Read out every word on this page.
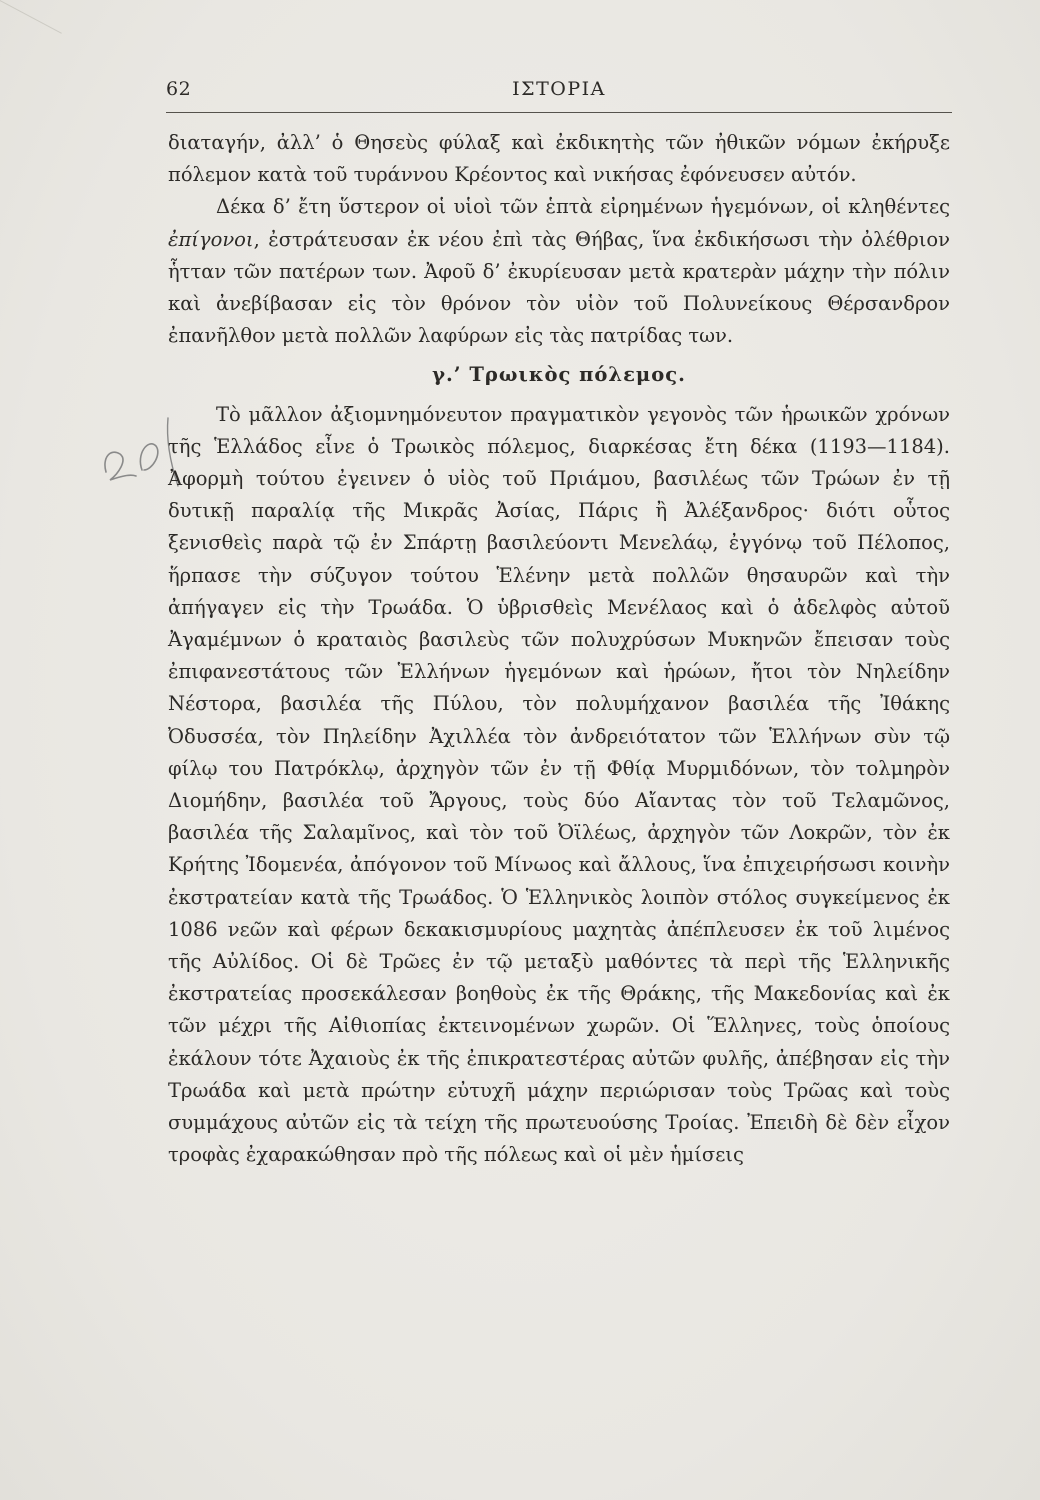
62	ΙΣΤΟΡΙΑ

διαταγήν, ἀλλ’ ὁ Θησεὺς φύλαξ καὶ ἐκδικητὴς τῶν ἠθικῶν νόμων ἐκήρυξε πόλεμον κατὰ τοῦ τυράννου Κρέοντος καὶ νικήσας ἐφόνευσεν αὐτόν.

Δέκα δ’ ἔτη ὕστερον οἱ υἱοὶ τῶν ἑπτὰ εἰρημένων ἡγεμόνων, οἱ κληθέντες ἐπίγονοι, ἐστράτευσαν ἐκ νέου ἐπὶ τὰς Θήβας, ἵνα ἐκδικήσωσι τὴν ὀλέθριον ἧτταν τῶν πατέρων των. Ἀφοῦ δ’ ἐκυρίευσαν μετὰ κρατερὰν μάχην τὴν πόλιν καὶ ἀνεβίβασαν εἰς τὸν θρόνον τὸν υἱὸν τοῦ Πολυνείκους Θέρσανδρον ἐπανῆλθον μετὰ πολλῶν λαφύρων εἰς τὰς πατρίδας των.

γ.’ Τρωικὸς πόλεμος.

Τὸ μᾶλλον ἀξιομνημόνευτον πραγματικὸν γεγονὸς τῶν ἡρωικῶν χρόνων τῆς Ἑλλάδος εἶνε ὁ Τρωικὸς πόλεμος, διαρκέσας ἔτη δέκα (1193—1184). Ἀφορμὴ τούτου ἐγεινεν ὁ υἱὸς τοῦ Πριάμου, βασιλέως τῶν Τρώων ἐν τῇ δυτικῇ παραλίᾳ τῆς Μικρᾶς Ἀσίας, Πάρις ἢ Ἀλέξανδρος· διότι οὗτος ξενισθεὶς παρὰ τῷ ἐν Σπάρτῃ βασιλεύοντι Μενελάῳ, ἐγγόνῳ τοῦ Πέλοπος, ἥρπασε τὴν σύζυγον τούτου Ἑλένην μετὰ πολλῶν θησαυρῶν καὶ τὴν ἀπήγαγεν εἰς τὴν Τρωάδα. Ὁ ὑβρισθεὶς Μενέλαος καὶ ὁ ἀδελφὸς αὐτοῦ Ἀγαμέμνων ὁ κραταιὸς βασιλεὺς τῶν πολυχρύσων Μυκηνῶν ἔπεισαν τοὺς ἐπιφανεστάτους τῶν Ἑλλήνων ἡγεμόνων καὶ ἡρώων, ἤτοι τὸν Νηλείδην Νέστορα, βασιλέα τῆς Πύλου, τὸν πολυμήχανον βασιλέα τῆς Ἰθάκης Ὀδυσσέα, τὸν Πηλείδην Ἀχιλλέα τὸν ἀνδρειότατον τῶν Ἑλλήνων σὺν τῷ φίλῳ του Πατρόκλῳ, ἀρχηγὸν τῶν ἐν τῇ Φθίᾳ Μυρμιδόνων, τὸν τολμηρὸν Διομήδην, βασιλέα τοῦ Ἄργους, τοὺς δύο Αἴαντας τὸν τοῦ Τελαμῶνος, βασιλέα τῆς Σαλαμῖνος, καὶ τὸν τοῦ Ὀϊλέως, ἀρχηγὸν τῶν Λοκρῶν, τὸν ἐκ Κρήτης Ἰδομενέα, ἀπόγονον τοῦ Μίνωος καὶ ἄλλους, ἵνα ἐπιχειρήσωσι κοινὴν ἐκστρατείαν κατὰ τῆς Τρωάδος. Ὁ Ἑλληνικὸς λοιπὸν στόλος συγκείμενος ἐκ 1086 νεῶν καὶ φέρων δεκακισμυρίους μαχητὰς ἀπέπλευσεν ἐκ τοῦ λιμένος τῆς Αὐλίδος. Οἱ δὲ Τρῶες ἐν τῷ μεταξὺ μαθόντες τὰ περὶ τῆς Ἑλληνικῆς ἐκστρατείας προσεκάλεσαν βοηθοὺς ἐκ τῆς Θράκης, τῆς Μακεδονίας καὶ ἐκ τῶν μέχρι τῆς Αἰθιοπίας ἐκτεινομένων χωρῶν. Οἱ Ἕλληνες, τοὺς ὁποίους ἐκάλουν τότε Ἀχαιοὺς ἐκ τῆς ἐπικρατεστέρας αὐτῶν φυλῆς, ἀπέβησαν εἰς τὴν Τρωάδα καὶ μετὰ πρώτην εὐτυχῆ μάχην περιώρισαν τοὺς Τρῶας καὶ τοὺς συμμάχους αὐτῶν εἰς τὰ τείχη τῆς πρωτευούσης Τροίας. Ἐπειδὴ δὲ δὲν εἶχον τροφὰς ἐχαρακώθησαν πρὸ τῆς πόλεως καὶ οἱ μὲν ἡμίσεις
